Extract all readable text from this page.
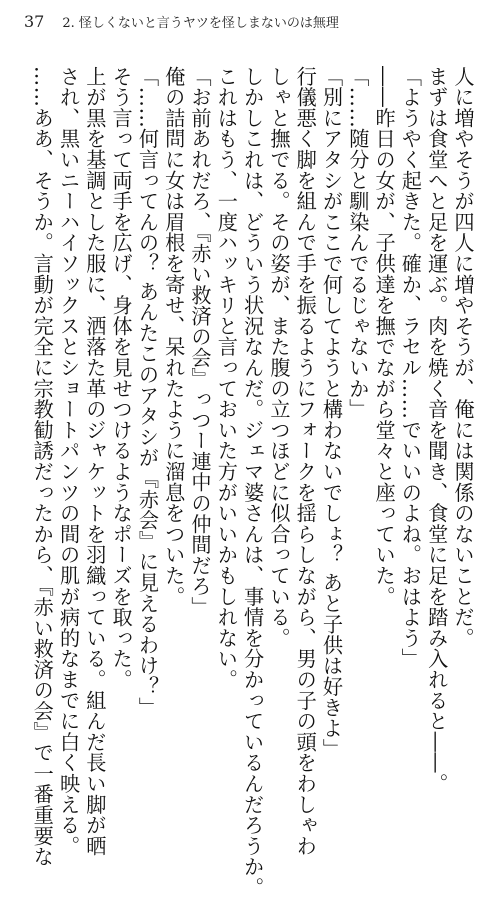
37 2. 怪しくないと言うヤツを怪しまないのは無理
人に増やそうが四人に増やそうが、俺には関係のないことだ。
まずは食堂へと足を運ぶ。肉を焼く音を聞き、食堂に足を踏み入れると――。
「ようやく起きた。確か、ラセル……でいいのよね。おはよう」
――昨日の女が、子供達を撫でながら堂々と座っていた。
「……随分と馴染んでるじゃないか」
「別にアタシがここで何してようと構わないでしょ？ あと子供は好きよ」
行儀悪く脚を組んで手を振るようにフォークを揺らしながら、男の子の頭をわしゃわ
しゃと撫でる。その姿が、また腹の立つほどに似合っている。
しかしこれは、どういう状況なんだ。ジェマ婆さんは、事情を分かっているんだろうか。
これはもう、一度ハッキリと言っておいた方がいいかもしれない。
「お前あれだろ、『赤い救済の会』っつー連中の仲間だろ」
俺の詰問に女は眉根を寄せ、呆れたように溜息をついた。
「……何言ってんの？ あんたこのアタシが『赤会』に見えるわけ？」
そう言って両手を広げ、身体を見せつけるようなポーズを取った。
上が黒を基調とした服に、洒落た革のジャケットを羽織っている。組んだ長い脚が晒
され、黒いニーハイソックスとショートパンツの間の肌が病的なまでに白く映える。
……ああ、そうか。言動が完全に宗教勧誘だったから、『赤い救済の会』で一番重要な
